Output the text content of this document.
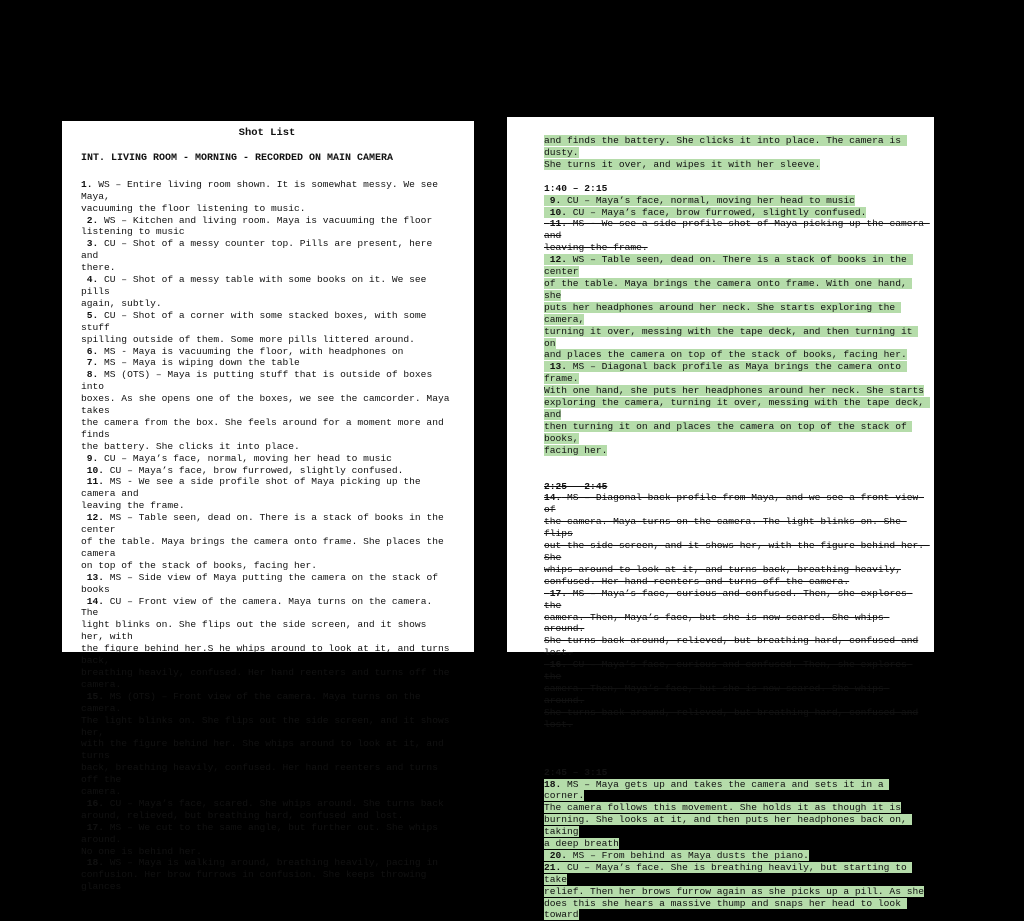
Shot List
INT. LIVING ROOM - MORNING - RECORDED ON MAIN CAMERA
1. WS – Entire living room shown. It is somewhat messy. We see Maya,
vacuuming the floor listening to music.
2. WS – Kitchen and living room. Maya is vacuuming the floor
listening to music
3. CU – Shot of a messy counter top. Pills are present, here and
there.
4. CU – Shot of a messy table with some books on it. We see pills
again, subtly.
5. CU – Shot of a corner with some stacked boxes, with some stuff
spilling outside of them. Some more pills littered around.
6. MS - Maya is vacuuming the floor, with headphones on
7. MS – Maya is wiping down the table
8. MS (OTS) – Maya is putting stuff that is outside of boxes into
boxes. As she opens one of the boxes, we see the camcorder. Maya takes
the camera from the box. She feels around for a moment more and finds
the battery. She clicks it into place.
9. CU – Maya’s face, normal, moving her head to music
10. CU – Maya’s face, brow furrowed, slightly confused.
11. MS - We see a side profile shot of Maya picking up the camera and
leaving the frame.
12. MS – Table seen, dead on. There is a stack of books in the center
of the table. Maya brings the camera onto frame. She places the camera
on top of the stack of books, facing her.
13. MS – Side view of Maya putting the camera on the stack of books
14. CU – Front view of the camera. Maya turns on the camera. The
light blinks on. She flips out the side screen, and it shows her, with
the figure behind her.S he whips around to look at it, and turns back,
breathing heavily, confused. Her hand reenters and turns off the
camera.
15. MS (OTS) – Front view of the camera. Maya turns on the camera.
The light blinks on. She flips out the side screen, and it shows her,
with the figure behind her. She whips around to look at it, and turns
back, breathing heavily, confused. Her hand reenters and turns off the
camera.
16. CU – Maya’s face, scared. She whips around. She turns back
around, relieved, but breathing hard, confused and lost.
17. MS – We cut to the same angle, but further out. She whips around.
No one is behind her.
18. WS – Maya is walking around, breathing heavily, pacing in
confusion. Her brow furrows in confusion. She keeps throwing glances
and finds the battery. She clicks it into place. The camera is dusty.
She turns it over, and wipes it with her sleeve.
1:40 – 2:15
9. CU – Maya’s face, normal, moving her head to music
10. CU – Maya’s face, brow furrowed, slightly confused.
11. MS - We see a side profile shot of Maya picking up the camera and
leaving the frame.
12. WS – Table seen, dead on. There is a stack of books in the center
of the table. Maya brings the camera onto frame. With one hand, she
puts her headphones around her neck. She starts exploring the camera,
turning it over, messing with the tape deck, and then turning it on
and places the camera on top of the stack of books, facing her.
13. MS – Diagonal back profile as Maya brings the camera onto frame.
With one hand, she puts her headphones around her neck. She starts
exploring the camera, turning it over, messing with the tape deck, and
then turning it on and places the camera on top of the stack of books,
facing her.
2:25 – 2:45
14. MS – Diagonal back profile from Maya, and we see a front view of
the camera. Maya turns on the camera. The light blinks on. She flips
out the side screen, and it shows her, with the figure behind her. She
whips around to look at it, and turns back, breathing heavily,
confused. Her hand reenters and turns off the camera.
17. MS – Maya’s face, curious and confused. Then, she explores the
camera. Then, Maya’s face, but she is now scared. She whips around.
She turns back around, relieved, but breathing hard, confused and
lost.
16. CU – Maya’s face, curious and confused. Then, she explores the
camera. Then, Maya’s face, but she is now scared. She whips around.
She turns back around, relieved, but breathing hard, confused and
lost.
2:45 – 3:15
18. MS – Maya gets up and takes the camera and sets it in a corner.
The camera follows this movement. She holds it as though it is
burning. She looks at it, and then puts her headphones back on, taking
a deep breath
20. MS – From behind as Maya dusts the piano.
21. CU – Maya’s face. She is breathing heavily, but starting to take
relief. Then her brows furrow again as she picks up a pill. As she
does this she hears a massive thump and snaps her head to look toward
